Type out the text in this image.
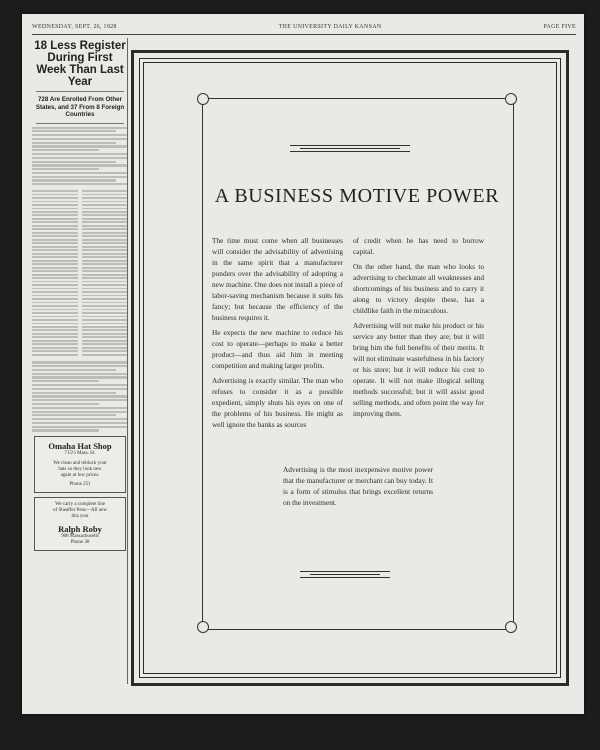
WEDNESDAY, SEPT. 26, 1928	THE UNIVERSITY DAILY KANSAN	PAGE FIVE
18 Less Register During First Week Than Last Year
728 Are Enrolled From Other States, and 37 From 8 Foreign Countries
Omaha Hat Shop
715½ Mass. St.
We clean and reblock your
hats so they look new
again at low prices.
Phone 251
We carry a complete line
of Sheaffer Pens—All new
this year
Ralph Roby
908 Massachusetts
Phone 38
A BUSINESS MOTIVE POWER

The time must come when all businesses will consider the advisability of advertising in the same spirit that a manufacturer ponders over the advisability of adopting a new machine. One does not install a piece of labor-saving mechanism because it suits his fancy; but because the efficiency of the business requires it.

He expects the new machine to reduce his cost to operate—perhaps to make a better product—and thus aid him in meeting competition and making larger profits.

Advertising is exactly similar. The man who refuses to consider it as a possible expedient, simply shuts his eyes on one of the problems of his business. He might as well ignore the banks as sources

of credit when he has need to borrow capital.

On the other hand, the man who looks to advertising to checkmate all weaknesses and shortcomings of his business and to carry it along to victory despite these, has a childlike faith in the miraculous.

Advertising will not make his product or his service any better than they are; but it will bring him the full benefits of their merits. It will not eliminate wastefulness in his factory or his store; but it will reduce his cost to operate. It will not make illogical selling methods successful; but it will assist good selling methods, and often point the way for improving them.

Advertising is the most inexpensive motive power that the manufacturer or merchant can buy today. It is a form of stimulus that brings excellent returns on the investment.
